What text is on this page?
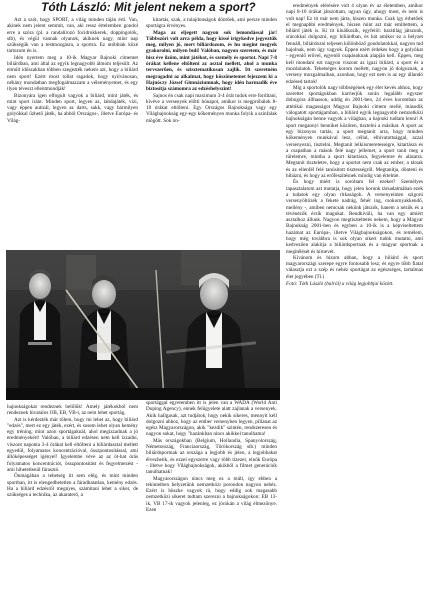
Tóth László: Mit jelent nekem a sport?

Azt a szót, hogy SPORT, a világ minden táján érti. Van, akinek nem jelent semmit, van, aki ressz értelemben gondol erre a szóra (pl. a randalírozó focidrukkerek, doppingolók, stb), és végül vannak olyanok, akiknek nagy, mint nap szükségük van a testmozgásra, a sportra. Ez utóbbiak közé tartozom én is.

Idén nyertem meg a 10-ik Magyar Bajnoki címemet biliárdban, ami által az egyik legnagyobb álmom teljesült. Az elmúlt időszakban többen szegezték nekem azt, hogy a biliárd nem sport! Ezért most tollat ragadok, hogy nyilvánosan, néhány mondatban megfogalmazzam a véleményemet, és egy ilyen téveszt ellentmondják!

Bizonyára igen elfogult vagyok a biliárd, mint játék, és mint sport iránt. Minden sport, legyen az, labdajáték, vízi, vagy éppen autizál, legyen az darts, sakk, vagy bármilyen golyókkal űzhető játék, ha abból Országos-, illetve Európa- és Világ-

kitartás, szak, a tulajdonságok döntőek, ami persze minden sportágra érvényes.

Maga az eljegett nagyon sok lemondással jár! Többszöri volt arra példa, hogy kissé irigykedve jegyeztük meg, milyen jó, mert biliárdozom, és hu megint megyek gyakorolni, milyen buli! Valóban, nagyon szeretem, és már hisz éve űzöm, mint játékot, és személy és sportot. Napi 7-8 órákat kellene eltölteni az asztal mellett, ahol a munka tervszerűen, és szisztematikusan zajlik. Itt szeretném megragadni az alkalmat, hogy köszönetemet fejezzem ki a Hajnóczy József Gimnáziumnak, hogy idén harmadik éve biztosítja számomra az edzéshelyszínt!

Sajnos én csak napi maximum 3-4 órát tudok erre fordítani, kivéve a versenyek előtti hónapot, amikor is megpróbálok 8-10 órákat eltölteni. Egy Országos Bajnoksága vagy egy Világbajnokság egy-egy kőkeményen munka folyik a színfalak mögött. Sok ón-

eredmények elérésére volt 4 olyan év az életemben, amikor napi 8-10 órákat játszottam, ugyan úgy, ahogy most, és nem is volt nap! Ez tit már nem járta, hiszen munka. Csak így érhetőek el megnapbbi eredmények, hiszen mint azt már említettem, a biliárd játék is. Ki tit kínálkozik, egyfelöl: barátilag játszunk, srácokkal dolgozni, egy biliárdban, és hát amikor ez a helyzet fennáll, biliárdozni teljesen különböző gondolatokkal, nagyon tud hajolnak, nem úgy vagyok. Éppen ezért érdekes hogy a golyókat - egyenlő erővel, egyenlő csapásoknak alapján kell. Éppen, meg kell mondani ezt nagyon viszont az igazi biliárd, a sport és a mozdulatok. Tehetséges korom mellett, nagyon jó dolgoznak, a verseny mozgalmaiban, azonban, hogy ezt nem is az egy állandó edzésed tartok!

Míg a sportolók nagy többségének egy élet kevés ahhoz, hogy szerettet sportágukban karrierjük során legalább egyszer dobogóra állhasson, addig én 2001-ben, 24 éves koromban az attétikai magasságot Magyar Bajnoki címem mellé, második válogatott sportágamban, a biliárd egyik legnagyobb nemzetközi bajnokságán benne vagyok a világban, a bajnoki tudtam lenni! A sport megannyi benniket közöten, tisztelni a másikat. A sport az egy bizonyos tartás, a sport megtanít arra, hogy minden kőkeményen munkával lesz, céllal, elhivatottsággal, azzal versenyezni, tisztelni. Megtanít lelkiismeretességre, kitartásra és a csapatban a mások felé nagy jellemet, a sport tanít meg a türelemre, mintha a sport kitartásra, fegyelemre és alázatra. Megtanít tiszteletre, hogy a sportot nem csak az ember, a társak és az ellenfél felé tanúsított tisztességről. Megtanítja, dönteni és hibázni, és hogy az erőfeszítésnek mindig van értelme.

És hogy miért is soroltam fel ezeket? Személyes tapasztalatom azt mutatja, hogy jelen korunk társadalmában ezek a tudatok egy olyan ritkaságok. A versenyeimen szigorú versenyöltözék a fekete nadrág, fehér ing, csokornyakkendő, mellény -, amiben nemcsak nekünk játszók, hanem a nézők és a tévénézők érzik magukat. Rendkívüli, ha van egy amiért asztalhoz állunk. Nagyon megtiszteltetés nekem, hogy a Magyar Bajnokság 2001-ben és egyben a 10-ik is a képviseltettem hazámat az Európa-, illetve Világbajnokságokon, és remélem, hogy még továbbra is sok olyan sikert tudok mutatni, ami kedvezően alakítja a biliárdsportnak és a magyar sportnak a megítélését és hírnevét.

Kívánom és bízom abban, hogy a biliárd és sport magyarországi szerepe egyre fontosabb lesz, és egyre több fiatal választja ezt a szép és nehéz sportágat az egészséges, tartalmas élet jegyében (Tl.)

Fotó: Tóth László (balról) a világ legjobbjai között.

bajnokságokat rendeznek belőlük! Amely játékokból nem rendeznek hivatalos OB, EB, VB-t, az nem lehet sportág.

Azt is kérdezték már tőlem, hogy mi lehet az, hogy biliárd "edzés", mert ez egy játék, ezért, és sosem lehet olyan kemény egy tréning, mint azon sportágaknál, ahol megizzadnak a jó eredményekért! Valóban, a biliárd edzésen nem kell izzadni, viszont naponta 3-4 órákat kell eltölteni a biliárdasztal mellett egyedül, folyamatos koncentrációval, összpontosítással, ami állóképességet igényel! Igyelembe véve az az öt-hat órás folyamatos koncentrációt, összpontosítást és fegyelmezést - ami hihetetlenül fárasztó.

Önmagában a tehetség itt sem elég, és mint minden sportban, itt is elengedhetetlen a fáradhatatlan, kemény edzés. Ha a biliárd edzésről megnyes, számítani lehet a siker, de szükséges a technika, az akaraterő, a

sportággal egyetemben itt is jelen van a WADA (World Anti Doping Agency), ennek felügyelete alatt zajlanak a versenyek. Akik hallgasak, azt tudjátok, hogy nekik sikeres, mennyit kell dolgozni ahhoz, hogy az ember versenyben legyen, pillanat az egész Magyarországon, akik "kezdik" szintén, rendszeresen és nagyon sokat, hogy "hazánkban nincs akikkel tanulhatna!

Más országokban (Belgium, Hollandia, Spanyolország, Németország, Franciaország, Törökország stb.) minden biliárdsportnak az országa a legjobb és jelen, a legjobbakat élvezhetik, és ezzel egyszerre vagy több tízezer, elnök Európa - illetve hogy Világbajnokságok, akikből a filmet generációk tanulhatnak!

Magyarországon nincs meg ez a múlt, így ebben a tekintetben helyzetünk nemzetközi porondon nagyon nehéz. Ezért is büszke vagyok rá, hogy eddig sok magasabb nemzetközi sikeret tudtam szerezni a bajnokságokon: EB 13-ik, VB 17-ik vagyok jelenleg, ez jócskán a világ élmezőnye. Ezen
